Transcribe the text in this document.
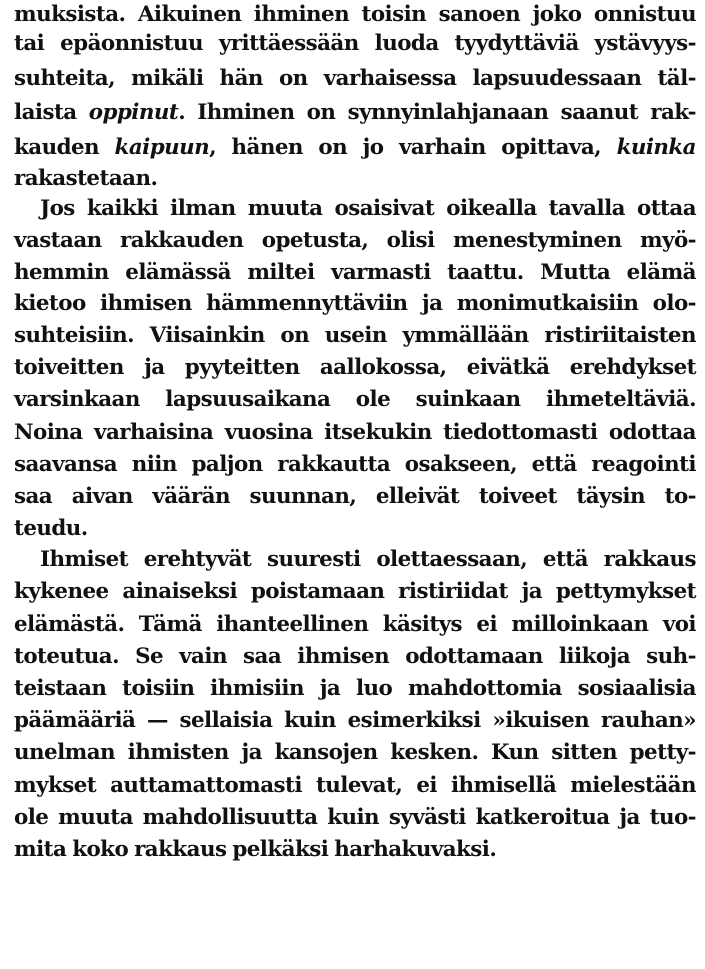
muksista. Aikuinen ihminen toisin sanoen joko onnistuu
tai epäonnistuu yrittäessään luoda tyydyttäviä ystävyys-
suhteita, mikäli hän on varhaisessa lapsuudessaan täl-
laista oppinut. Ihminen on synnyinlahjanaan saanut rak-
kauden kaipuun, hänen on jo varhain opittava, kuinka
rakastetaan.
Jos kaikki ilman muuta osaisivat oikealla tavalla ottaa
vastaan rakkauden opetusta, olisi menestyminen myö-
hemmin elämässä miltei varmasti taattu. Mutta elämä
kietoo ihmisen hämmennyttäviin ja monimutkaisiin olo-
suhteisiin. Viisainkin on usein ymmällään ristiriitaisten
toiveitten ja pyyteitten aallokossa, eivätkä erehdykset
varsinkaan lapsuusaikana ole suinkaan ihmeteltäviä.
Noina varhaisina vuosina itsekukin tiedottomasti odottaa
saavansa niin paljon rakkautta osakseen, että reagointi
saa aivan väärän suunnan, elleivät toiveet täysin to-
teudu.
Ihmiset erehtyvät suuresti olettaessaan, että rakkaus
kykenee ainaiseksi poistamaan ristiriidat ja pettymykset
elämästä. Tämä ihanteellinen käsitys ei milloinkaan voi
toteutua. Se vain saa ihmisen odottamaan liikoja suh-
teistaan toisiin ihmisiin ja luo mahdottomia sosiaalisia
päämääriä — sellaisia kuin esimerkiksi »ikuisen rauhan»
unelman ihmisten ja kansojen kesken. Kun sitten petty-
mykset auttamattomasti tulevat, ei ihmisellä mielestään
ole muuta mahdollisuutta kuin syvästi katkeroitua ja tuo-
mita koko rakkaus pelkäksi harhakuvaksi.
